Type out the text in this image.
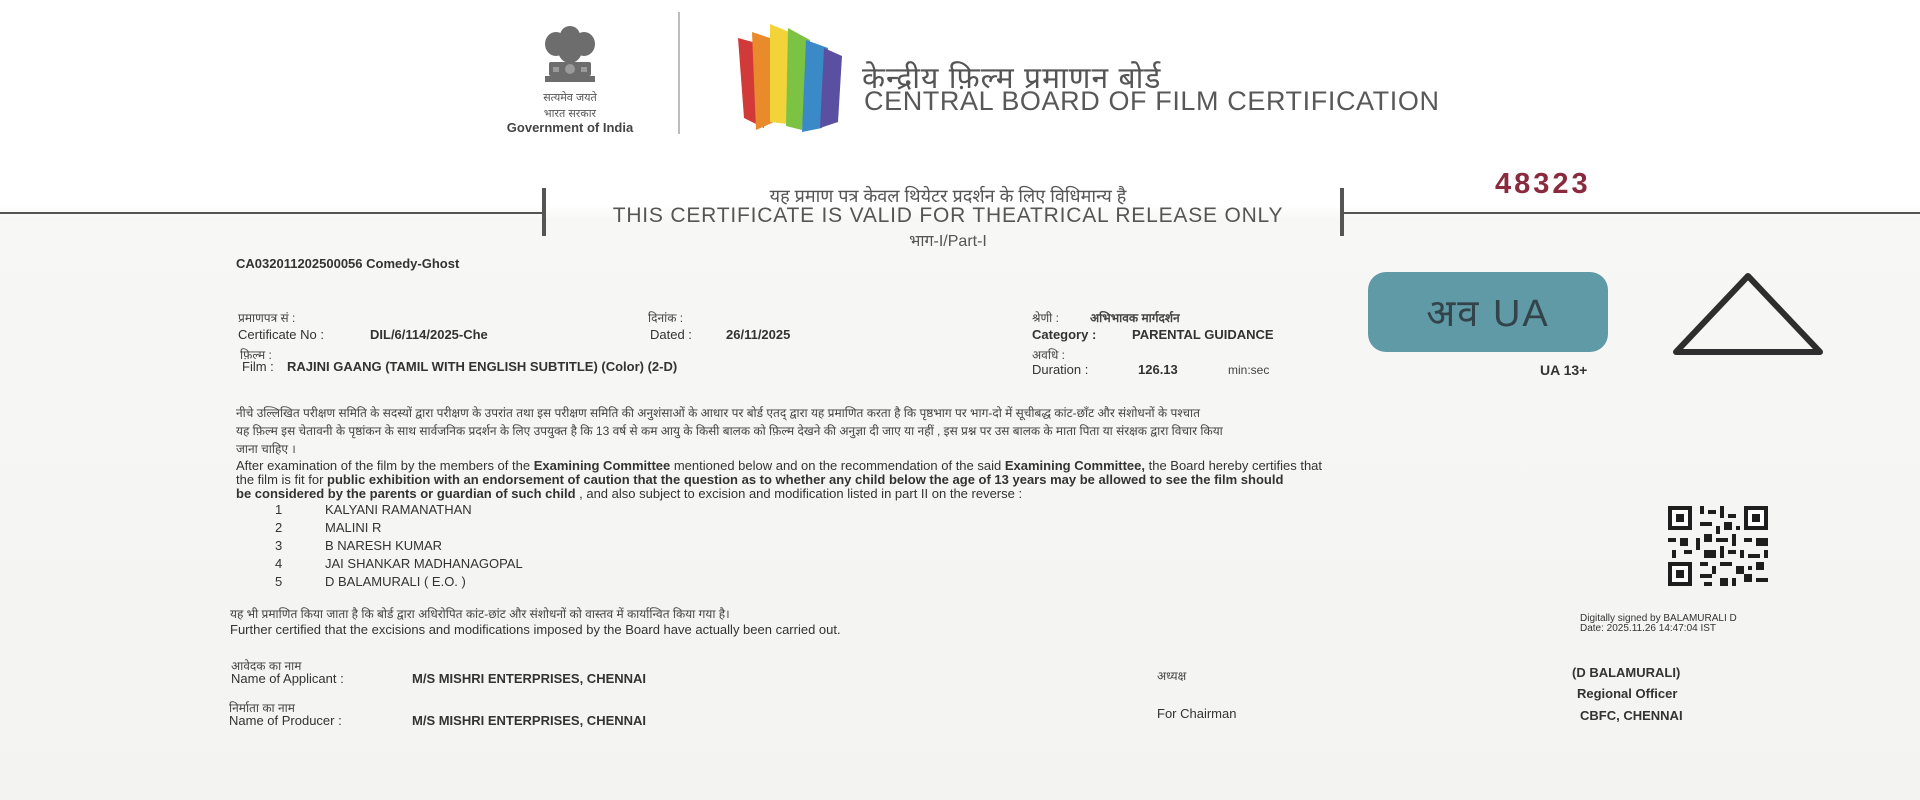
सत्यमेव जयते
भारत सरकार
Government of India
केन्द्रीय फ़िल्म प्रमाणन बोर्ड
CENTRAL BOARD OF FILM CERTIFICATION
यह प्रमाण पत्र केवल थियेटर प्रदर्शन के लिए विधिमान्य है
THIS CERTIFICATE IS VALID FOR THEATRICAL RELEASE ONLY
भाग-I/Part-I
48323
CA032011202500056 Comedy-Ghost
प्रमाणपत्र सं :
Certificate No :	DIL/6/114/2025-Che
दिनांक :
Dated :	26/11/2025
श्रेणी :	अभिभावक मार्गदर्शन
Category :	PARENTAL GUIDANCE
फ़िल्म :
Film : RAJINI GAANG (TAMIL WITH ENGLISH SUBTITLE) (Color) (2-D)
अवधि :
Duration :	126.13	min:sec
अव UA
UA 13+
नीचे उल्लिखित परीक्षण समिति के सदस्यों द्वारा परीक्षण के उपरांत तथा इस परीक्षण समिति की अनुशंसाओं के आधार पर बोर्ड एतद् द्वारा यह प्रमाणित करता है कि पृष्ठभाग पर भाग-दो में सूचीबद्ध कांट-छाँट और संशोधनों के पश्चात
यह फ़िल्म इस चेतावनी के पृष्ठांकन के साथ सार्वजनिक प्रदर्शन के लिए उपयुक्त है कि 13 वर्ष से कम आयु के किसी बालक को फ़िल्म देखने की अनुज्ञा दी जाए या नहीं , इस प्रश्न पर उस बालक के माता पिता या संरक्षक द्वारा विचार किया
जाना चाहिए ।
After examination of the film by the members of the Examining Committee mentioned below and on the recommendation of the said Examining Committee, the Board hereby certifies that
the film is fit for public exhibition with an endorsement of caution that the question as to whether any child below the age of 13 years may be allowed to see the film should
be considered by the parents or guardian of such child , and also subject to excision and modification listed in part II on the reverse :
1	KALYANI RAMANATHAN
2	MALINI R
3	B NARESH KUMAR
4	JAI SHANKAR MADHANAGOPAL
5	D BALAMURALI ( E.O. )
यह भी प्रमाणित किया जाता है कि बोर्ड द्वारा अधिरोपित कांट-छांट और संशोधनों को वास्तव में कार्यान्वित किया गया है।
Further certified that the excisions and modifications imposed by the Board have actually been carried out.
Digitally signed by BALAMURALI D
Date: 2025.11.26 14:47:04 IST
आवेदक का नाम
Name of Applicant :	M/S MISHRI ENTERPRISES, CHENNAI
निर्माता का नाम
Name of Producer :	M/S MISHRI ENTERPRISES, CHENNAI
अध्यक्ष
For Chairman
(D BALAMURALI)
Regional Officer
CBFC, CHENNAI
